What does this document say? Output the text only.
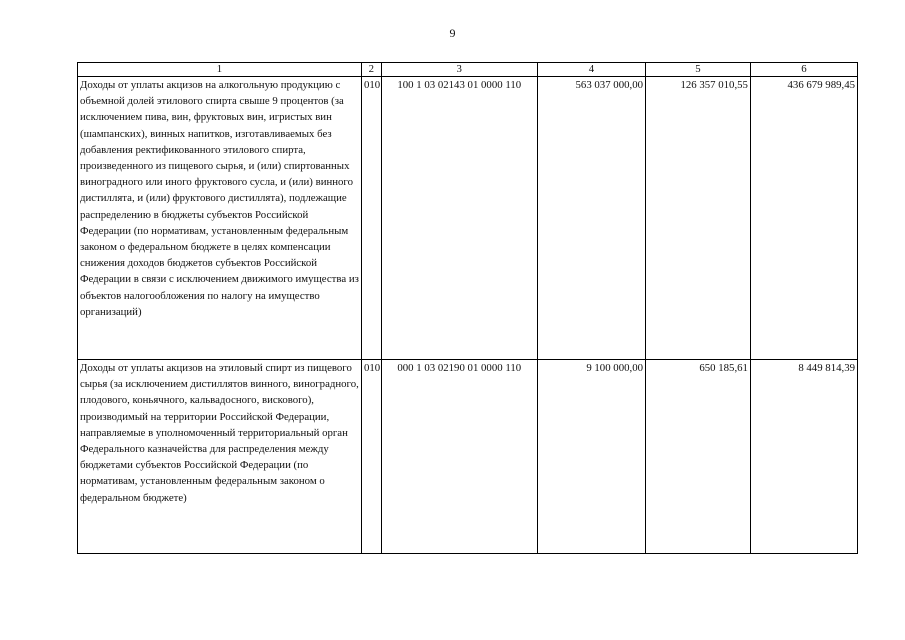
9
1	2	3	4	5	6

Доходы от уплаты акцизов на алкогольную продукцию с объемной долей этилового спирта свыше 9 процентов (за исключением пива, вин, фруктовых вин, игристых вин (шампанских), винных напитков, изготавливаемых без добавления ректификованного этилового спирта, произведенного из пищевого сырья, и (или) спиртованных виноградного или иного фруктового сусла, и (или) винного дистиллята, и (или) фруктового дистиллята), подлежащие распределению в бюджеты субъектов Российской Федерации (по нормативам, установленным федеральным законом о федеральном бюджете в целях компенсации снижения доходов бюджетов субъектов Российской Федерации в связи с исключением движимого имущества из объектов налогообложения по налогу на имущество организаций)	010	100 1 03 02143 01 0000 110	563 037 000,00	126 357 010,55	436 679 989,45
Доходы от уплаты акцизов на этиловый спирт из пищевого сырья (за исключением дистиллятов винного, виноградного, плодового, коньячного, кальвадосного, вискового), производимый на территории Российской Федерации, направляемые в уполномоченный территориальный орган Федерального казначейства для распределения между бюджетами субъектов Российской Федерации (по нормативам, установленным федеральным законом о федеральном бюджете)	010	000 1 03 02190 01 0000 110	9 100 000,00	650 185,61	8 449 814,39
